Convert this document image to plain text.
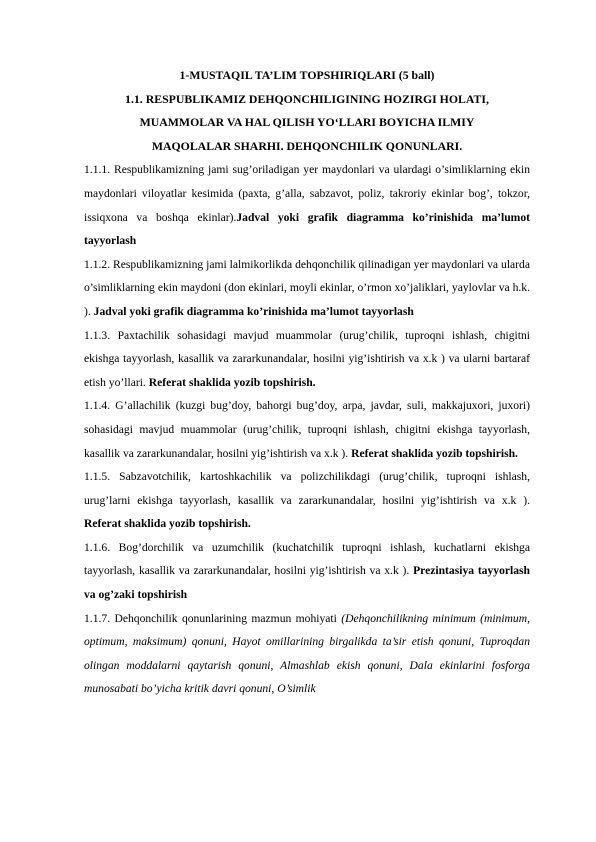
1-MUSTAQIL TA’LIM TOPSHIRIQLARI (5 ball)
1.1. RESPUBLIKAMIZ DEHQONCHILIGINING HOZIRGI HOLATI,
MUAMMOLAR VA HAL QILISH YO‘LLARI BOYICHA ILMIY
MAQOLALAR SHARHI. DEHQONCHILIK QONUNLARI.

1.1.1. Respublikamizning jami sug’oriladigan yer maydonlari va ulardagi o’simliklarning ekin maydonlari viloyatlar kesimida (paxta, g’alla, sabzavot, poliz, takroriy ekinlar bog’, tokzor, issiqxona va boshqa ekinlar).Jadval yoki grafik diagramma ko’rinishida ma’lumot tayyorlash

1.1.2. Respublikamizning jami lalmikorlikda dehqonchilik qilinadigan yer maydonlari va ularda o’simliklarning ekin maydoni (don ekinlari, moyli ekinlar, o’rmon xo’jaliklari, yaylovlar va h.k. ). Jadval yoki grafik diagramma ko’rinishida ma’lumot tayyorlash

1.1.3. Paxtachilik sohasidagi mavjud muammolar (urug’chilik, tuproqni ishlash, chigitni ekishga tayyorlash, kasallik va zararkunandalar, hosilni yig’ishtirish va x.k ) va ularni bartaraf etish yo’llari. Referat shaklida yozib topshirish.

1.1.4. G’allachilik (kuzgi bug’doy, bahorgi bug’doy, arpa, javdar, suli, makkajuxori, juxori) sohasidagi mavjud muammolar (urug’chilik, tuproqni ishlash, chigitni ekishga tayyorlash, kasallik va zararkunandalar, hosilni yig’ishtirish va x.k ). Referat shaklida yozib topshirish.

1.1.5. Sabzavotchilik, kartoshkachilik va polizchilikdagi (urug’chilik, tuproqni ishlash, urug’larni ekishga tayyorlash, kasallik va zararkunandalar, hosilni yig’ishtirish va x.k ). Referat shaklida yozib topshirish.

1.1.6. Bog’dorchilik va uzumchilik (kuchatchilik tuproqni ishlash, kuchatlarni ekishga tayyorlash, kasallik va zararkunandalar, hosilni yig’ishtirish va x.k ). Prezintasiya tayyorlash va og’zaki topshirish

1.1.7. Dehqonchilik qonunlarining mazmun mohiyati (Dehqonchilikning minimum (minimum, optimum, maksimum) qonuni, Hayot omillarining birgalikda ta’sir etish qonuni, Tuproqdan olingan moddalarni qaytarish qonuni, Almashlab ekish qonuni, Dala ekinlarini fosforga munosabati bo’yicha kritik davri qonuni, O’simlik
